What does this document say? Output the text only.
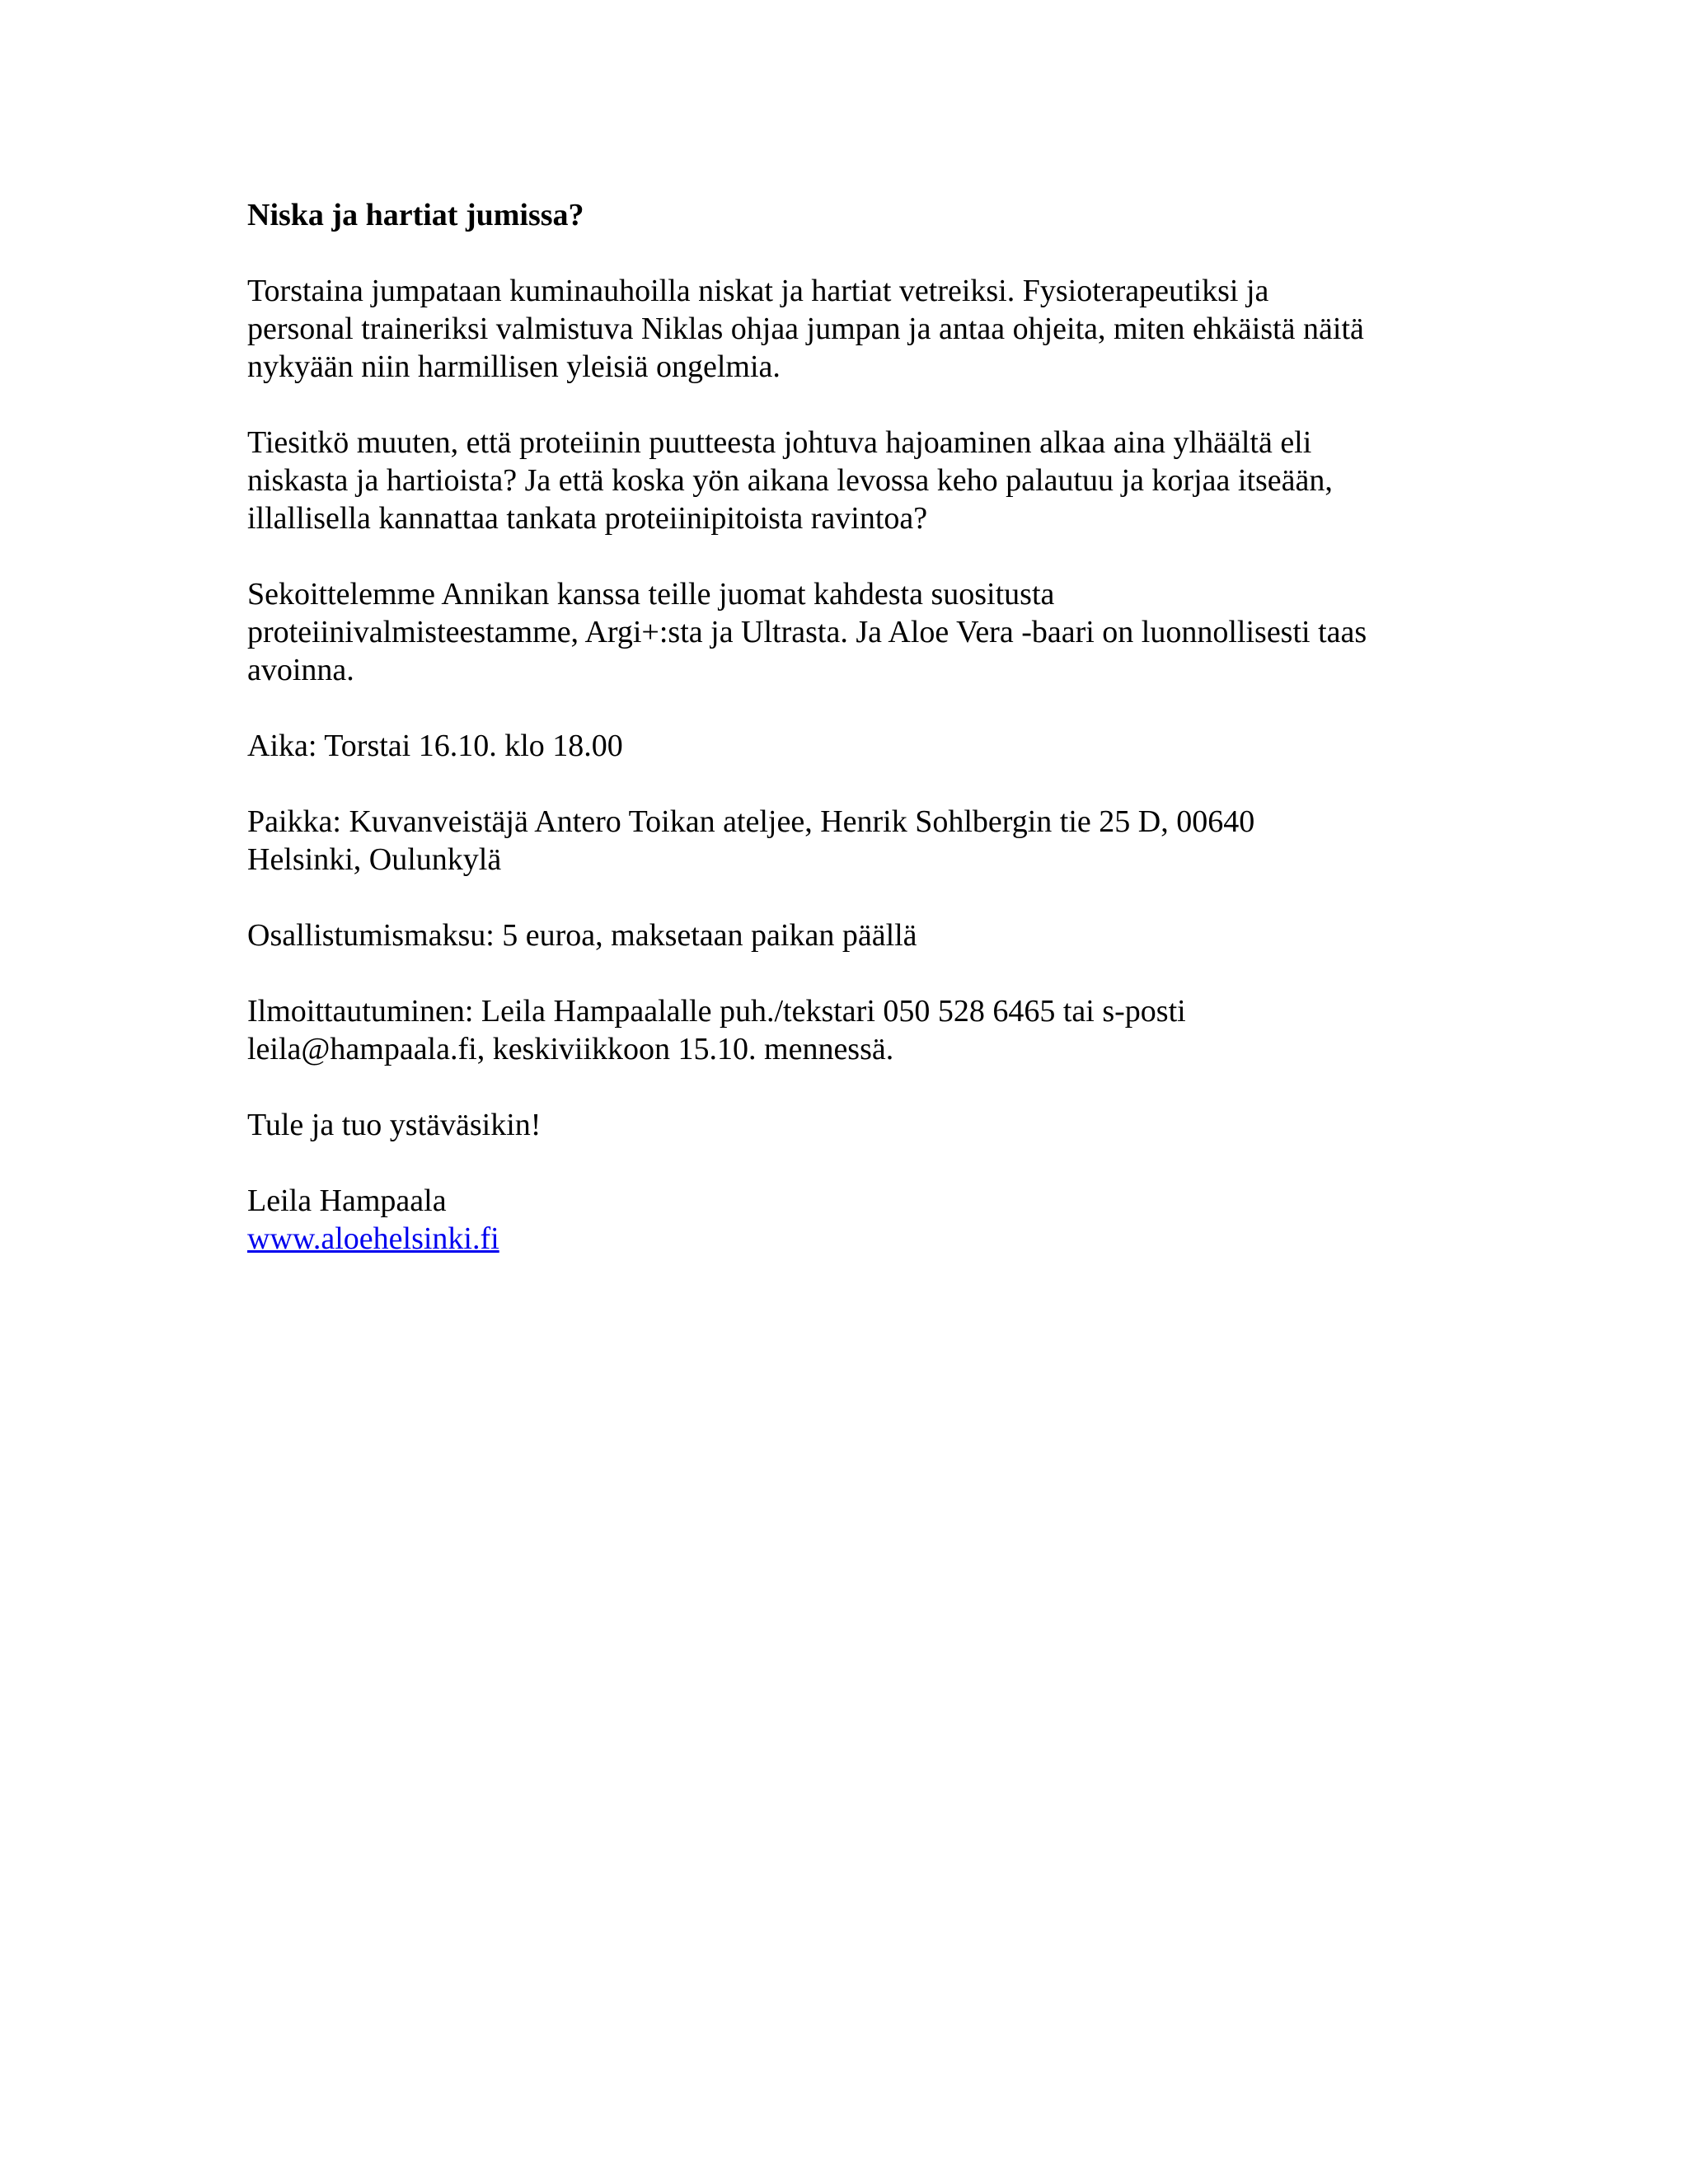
Niska ja hartiat jumissa?
Torstaina jumpataan kuminauhoilla niskat ja hartiat vetreiksi. Fysioterapeutiksi ja
personal traineriksi valmistuva Niklas ohjaa jumpan ja antaa ohjeita, miten ehkäistä näitä
nykyään niin harmillisen yleisiä ongelmia.
Tiesitkö muuten, että proteiinin puutteesta johtuva hajoaminen alkaa aina ylhäältä eli
niskasta ja hartioista? Ja että koska yön aikana levossa keho palautuu ja korjaa itseään,
illallisella kannattaa tankata proteiinipitoista ravintoa?
Sekoittelemme Annikan kanssa teille juomat kahdesta suositusta
proteiinivalmisteestamme, Argi+:sta ja Ultrasta. Ja Aloe Vera -baari on luonnollisesti taas
avoinna.
Aika: Torstai 16.10. klo 18.00
Paikka: Kuvanveistäjä Antero Toikan ateljee, Henrik Sohlbergin tie 25 D, 00640
Helsinki, Oulunkylä
Osallistumismaksu: 5 euroa, maksetaan paikan päällä
Ilmoittautuminen: Leila Hampaalalle puh./tekstari 050 528 6465 tai s-posti
leila@hampaala.fi, keskiviikkoon 15.10. mennessä.
Tule ja tuo ystäväsikin!
Leila Hampaala
www.aloehelsinki.fi
